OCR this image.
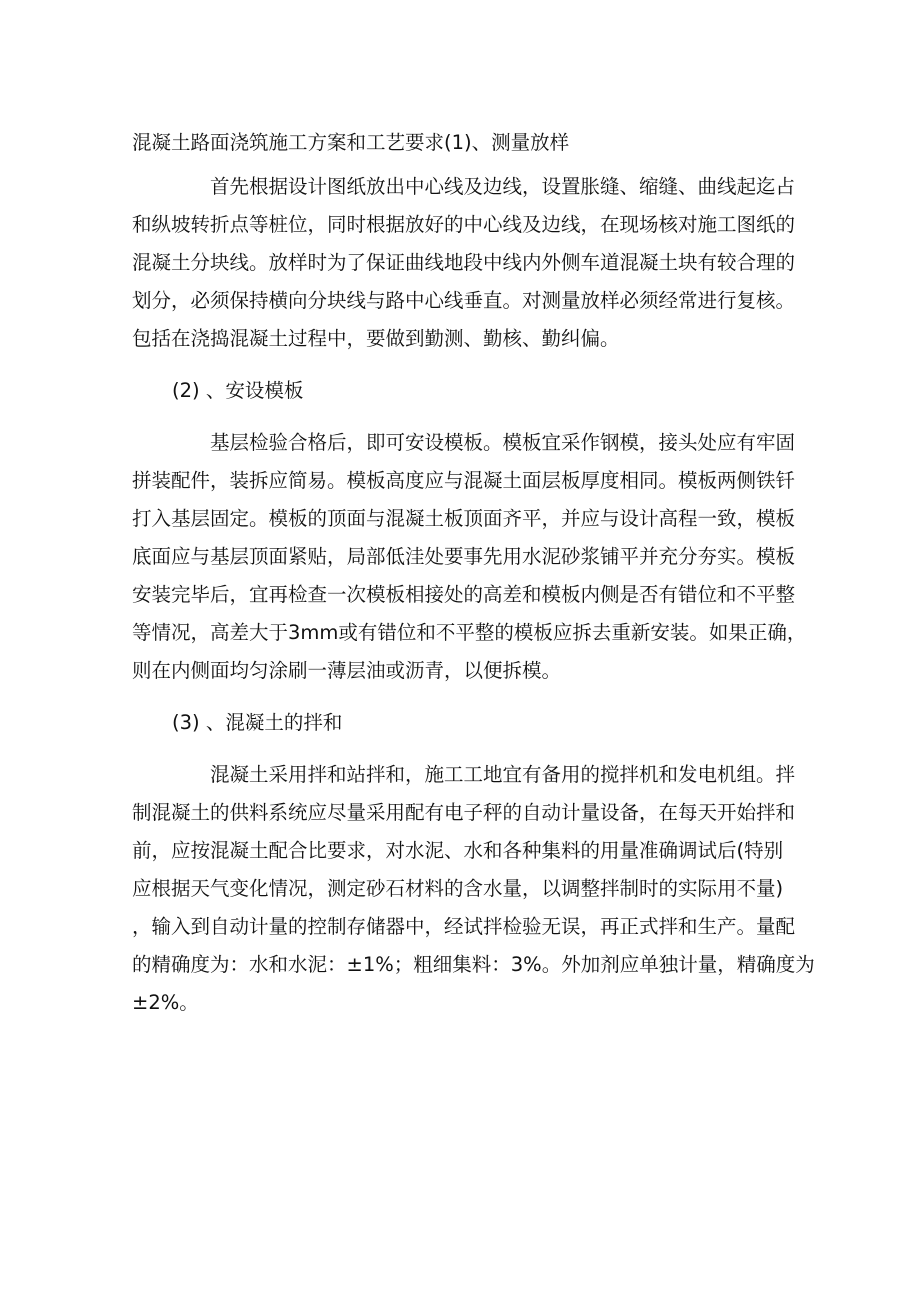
混凝土路面浇筑施工方案和工艺要求(1)、测量放样
首先根据设计图纸放出中心线及边线，设置胀缝、缩缝、曲线起迄占
和纵坡转折点等桩位，同时根据放好的中心线及边线，在现场核对施工图纸的
混凝土分块线。放样时为了保证曲线地段中线内外侧车道混凝土块有较合理的
划分，必须保持横向分块线与路中心线垂直。对测量放样必须经常进行复核。
包括在浇捣混凝土过程中，要做到勤测、勤核、勤纠偏。
(2) 、安设模板
基层检验合格后，即可安设模板。模板宜采作钢模，接头处应有牢固
拼装配件，装拆应简易。模板高度应与混凝土面层板厚度相同。模板两侧铁钎
打入基层固定。模板的顶面与混凝土板顶面齐平，并应与设计高程一致，模板
底面应与基层顶面紧贴，局部低洼处要事先用水泥砂浆铺平并充分夯实。模板
安装完毕后，宜再检查一次模板相接处的高差和模板内侧是否有错位和不平整
等情况，高差大于3mm或有错位和不平整的模板应拆去重新安装。如果正确，
则在内侧面均匀涂刷一薄层油或沥青，以便拆模。
(3) 、混凝土的拌和
混凝土采用拌和站拌和，施工工地宜有备用的搅拌机和发电机组。拌
制混凝土的供料系统应尽量采用配有电子秤的自动计量设备，在每天开始拌和
前，应按混凝土配合比要求，对水泥、水和各种集料的用量准确调试后(特别
应根据天气变化情况，测定砂石材料的含水量，以调整拌制时的实际用不量)
，输入到自动计量的控制存储器中，经试拌检验无误，再正式拌和生产。量配
的精确度为：水和水泥：±1%；粗细集料：3%。外加剂应单独计量，精确度为
±2%。
